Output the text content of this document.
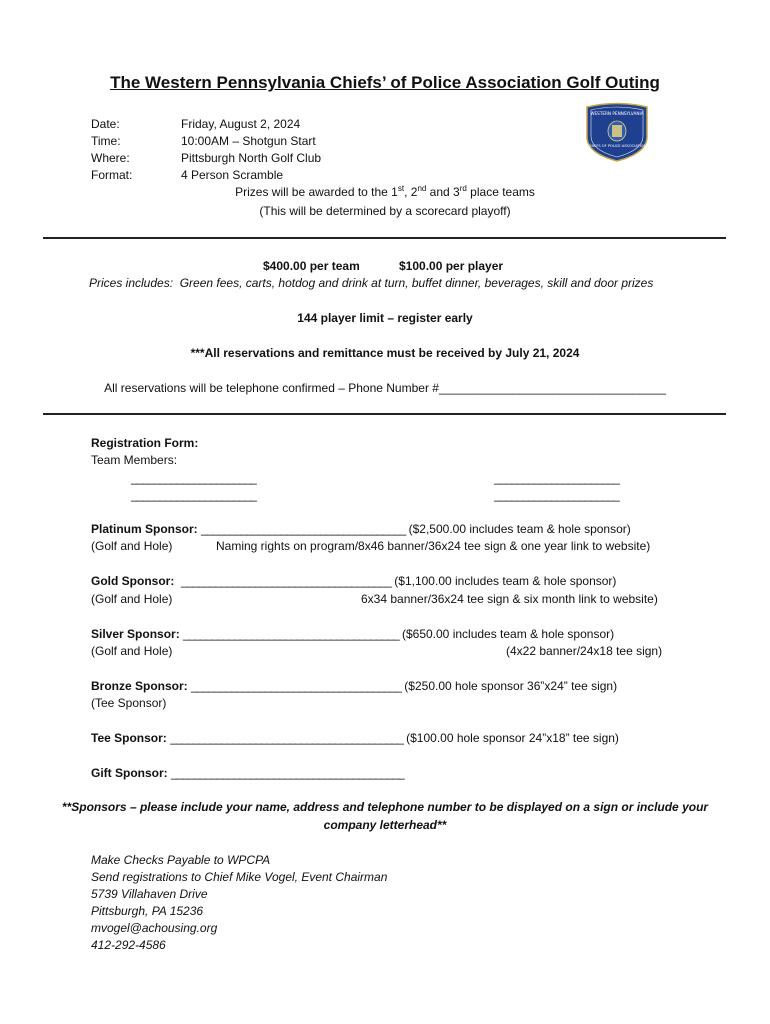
The Western Pennsylvania Chiefs’ of Police Association Golf Outing
Date:	Friday, August 2, 2024
Time:	10:00AM – Shotgun Start
Where:	Pittsburgh North Golf Club
Format:	4 Person Scramble
Prizes will be awarded to the 1st, 2nd and 3rd place teams
(This will be determined by a scorecard playoff)
WESTERN PENNSYLVANIA
CHIEFS OF POLICE ASSOCIATION
$400.00 per team	$100.00 per player
Prices includes: Green fees, carts, hotdog and drink at turn, buffet dinner, beverages, skill and door prizes
144 player limit – register early
***All reservations and remittance must be received by July 21, 2024
All reservations will be telephone confirmed – Phone Number #__________________________________
Registration Form:
Team Members:
______________________	______________________
______________________	______________________
Platinum Sponsor: ____________________________________ ($2,500.00 includes team & hole sponsor)
(Golf and Hole)	Naming rights on program/8x46 banner/36x24 tee sign & one year link to website)
Gold Sponsor: _____________________________________ ($1,100.00 includes team & hole sponsor)
(Golf and Hole)	6x34 banner/36x24 tee sign & six month link to website)
Silver Sponsor: ______________________________________ ($650.00 includes team & hole sponsor)
(Golf and Hole)	(4x22 banner/24x18 tee sign)
Bronze Sponsor: _____________________________________ ($250.00 hole sponsor 36”x24” tee sign)
(Tee Sponsor)
Tee Sponsor: _________________________________________ ($100.00 hole sponsor 24”x18” tee sign)
Gift Sponsor: _________________________________________
**Sponsors – please include your name, address and telephone number to be displayed on a sign or include your
company letterhead**
Make Checks Payable to WPCPA
Send registrations to Chief Mike Vogel, Event Chairman
5739 Villahaven Drive
Pittsburgh, PA 15236
mvogel@achousing.org
412-292-4586
